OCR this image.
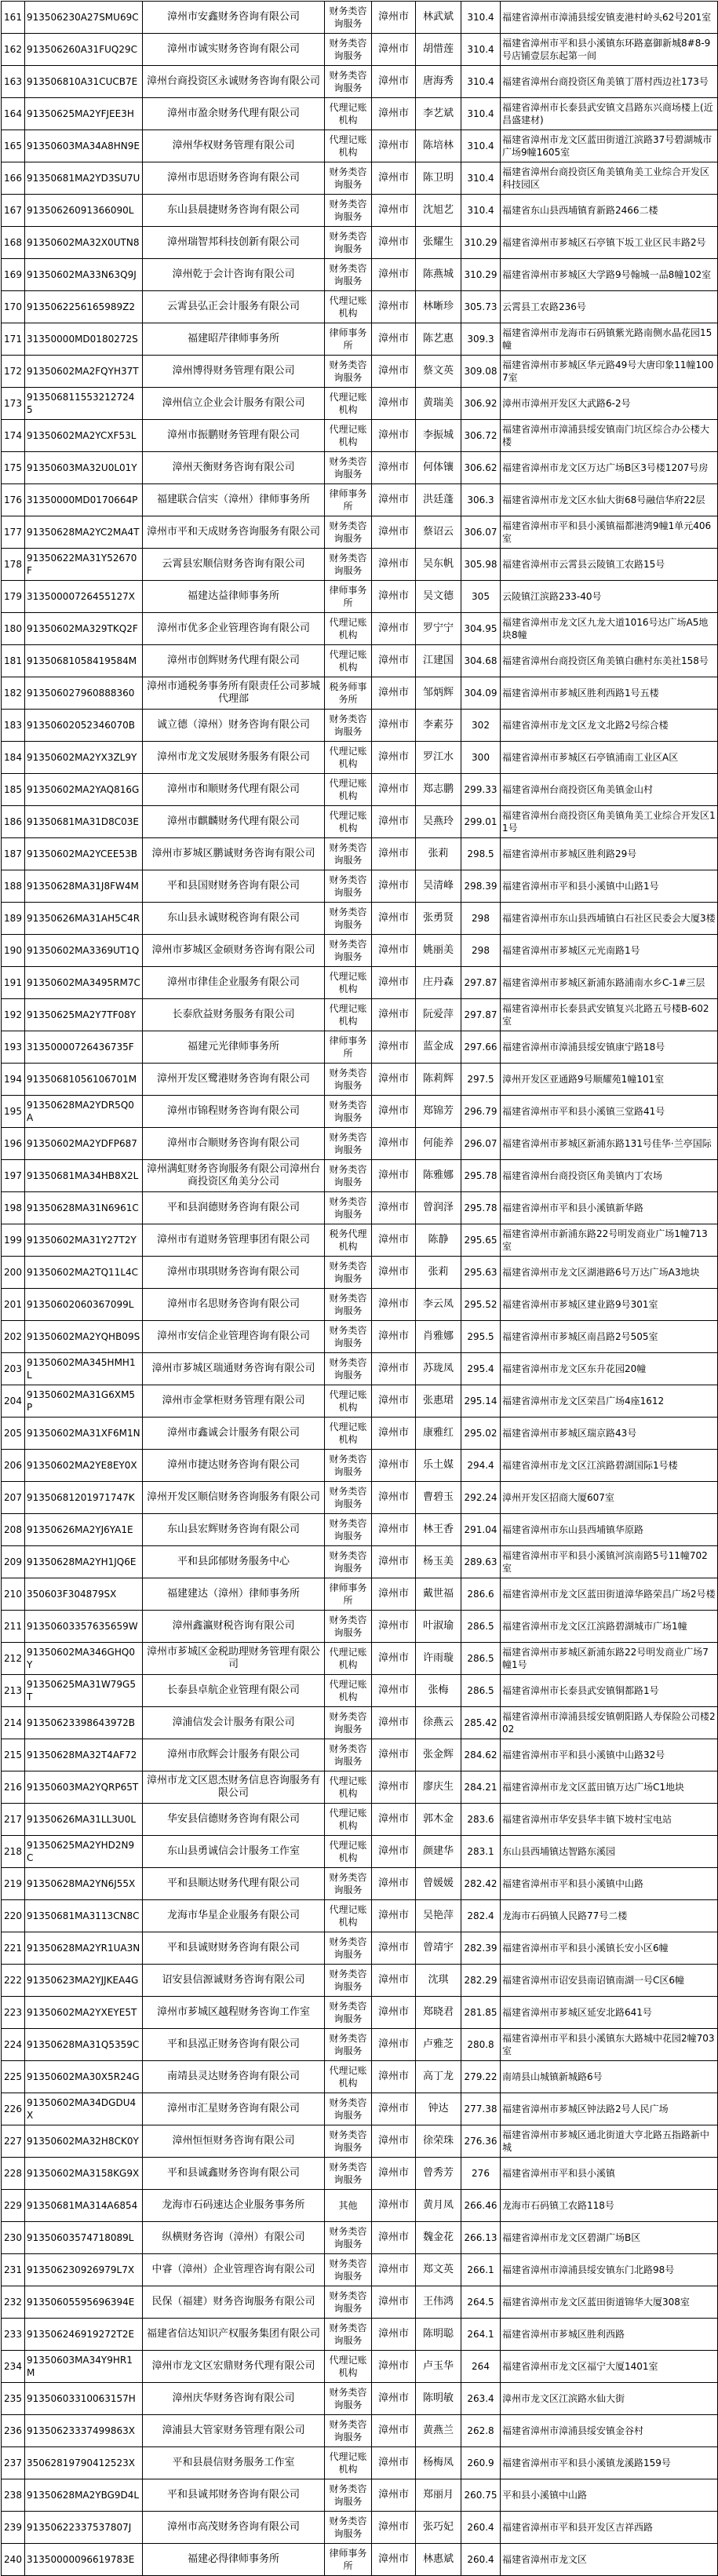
161	913506230A27SMU69C	漳州市安鑫财务咨询有限公司	财务类咨询服务	漳州市	林武斌	310.4	福建省漳州市漳浦县绥安镇麦港村岭头62号201室
162	913506260A31FUQ29C	漳州市诚实财务咨询有限公司	财务类咨询服务	漳州市	胡惜莲	310.4	福建省漳州市平和县小溪镇东环路嘉御新城8#8-9号店铺壹层东起第一间
163	913506810A31CUCB7E	漳州台商投资区永诚财务咨询有限公司	财务类咨询服务	漳州市	唐海秀	310.4	福建省漳州台商投资区角美镇丁厝村西边社173号
164	91350625MA2YFJEE3H	漳州市盈余财务代理有限公司	代理记账机构	漳州市	李艺斌	310.4	福建省漳州市长泰县武安镇文昌路东兴商场楼上(近昌盛建材)
165	91350603MA34A8HN9E	漳州华权财务管理有限公司	代理记账机构	漳州市	陈培林	310.4	福建省漳州市龙文区蓝田街道江滨路37号碧湖城市广场9幢1605室
166	91350681MA2YD3SU7U	漳州市思语财务咨询有限公司	财务类咨询服务	漳州市	陈卫明	310.4	福建省漳州台商投资区角美镇角美工业综合开发区科技园区
167	91350626091366090L	东山县晨捷财务咨询有限公司	财务类咨询服务	漳州市	沈旭艺	310.4	福建省东山县西埔镇育新路2466二楼
168	91350602MA32X0UTN8	漳州瑞智邦科技创新有限公司	财务类咨询服务	漳州市	张耀生	310.29	福建省漳州市芗城区石亭镇下坂工业区民丰路2号
169	91350602MA33N63Q9J	漳州乾于会计咨询有限公司	财务类咨询服务	漳州市	陈燕城	310.29	福建省漳州市芗城区大学路9号翰城一品8幢102室
170	9135062256165989Z2	云霄县弘正会计服务有限公司	代理记账机构	漳州市	林晰珍	305.73	云霄县工农路236号
171	31350000MD0180272S	福建昭芹律师事务所	律师事务所	漳州市	陈艺惠	309.3	福建省漳州市龙海市石码镇紫光路南侧水晶花园15幢
172	91350602MA2FQYH37T	漳州博得财务管理有限公司	财务类咨询服务	漳州市	蔡文英	309.08	福建省漳州市芗城区华元路49号大唐印象11幢1007室
173	9135068115532127245	漳州信立企业会计服务有限公司	代理记账机构	漳州市	黄瑞美	306.92	漳州市漳州开发区大武路6-2号
174	91350602MA2YCXF53L	漳州市振鹏财务管理有限公司	代理记账机构	漳州市	李振城	306.72	福建省漳州市漳浦县绥安镇南门坑区综合办公楼大楼
175	91350603MA32U0L01Y	漳州天衡财务咨询有限公司	财务类咨询服务	漳州市	何体镶	306.62	福建省漳州市龙文区万达广场B区3号楼1207号房
176	31350000MD0170664P	福建联合信实（漳州）律师事务所	律师事务所	漳州市	洪廷蓬	306.3	福建省漳州市龙文区水仙大街68号融信华府22层
177	91350628MA2YC2MA4T	漳州市平和天成财务咨询服务有限公司	财务类咨询服务	漳州市	蔡诏云	306.07	福建省漳州市平和县小溪镇福都港湾9幢1单元406室
178	91350622MA31Y52670F	云霄县宏顺信财务咨询有限公司	财务类咨询服务	漳州市	吴东帆	305.98	福建省漳州市云霄县云陵镇工农路15号
179	31350000726455127X	福建达益律师事务所	律师事务所	漳州市	吴文德	305	云陵镇江滨路233-40号
180	91350602MA329TKQ2F	漳州市优多企业管理咨询有限公司	代理记账机构	漳州市	罗宁宁	304.95	福建省漳州市龙文区九龙大道1016号达广场A5地块8幢
181	91350681058419584M	漳州市创辉财务代理有限公司	代理记账机构	漳州市	江建国	304.68	福建省漳州台商投资区角美镇白礁村东美社158号
182	913506027960888360	漳州市通税务事务所有限责任公司芗城代理部	税务师事务所	漳州市	邹炳辉	304.09	福建省漳州市芗城区胜利西路1号五楼
183	91350602052346070B	诚立德（漳州）财务咨询有限公司	财务类咨询服务	漳州市	李素芬	302	福建省漳州市龙文区龙文北路2号综合楼
184	91350602MA2YX3ZL9Y	漳州市龙文发展财务服务有限公司	代理记账机构	漳州市	罗江水	300	福建省漳州市芗城区石亭镇浦南工业区A区
185	91350602MA2YAQ816G	漳州市和顺财务代理有限公司	代理记账机构	漳州市	郑志鹏	299.33	福建省漳州台商投资区角美镇金山村
186	91350681MA31D8C03E	漳州市麒麟财务代理有限公司	代理记账机构	漳州市	吴燕玲	299.01	福建省漳州台商投资区角美镇角美工业综合开发区11号
187	91350602MA2YCEE53B	漳州市芗城区鹏诚财务咨询有限公司	财务类咨询服务	漳州市	张莉	298.5	福建省漳州市芗城区胜利路29号
188	91350628MA31J8FW4M	平和县国财财务咨询有限公司	财务类咨询服务	漳州市	吴清峰	298.39	福建省漳州市平和县小溪镇中山路1号
189	91350626MA31AH5C4R	东山县永诚财税咨询有限公司	财务类咨询服务	漳州市	张勇贤	298	福建省漳州市东山县西埔镇白石社区民委会大厦3楼
190	91350602MA3369UT1Q	漳州市芗城区金硕财务咨询有限公司	财务类咨询服务	漳州市	姚丽美	298	福建省漳州市芗城区元光南路1号
191	91350602MA3495RM7C	漳州市律佳企业服务有限公司	代理记账机构	漳州市	庄丹森	297.87	福建省漳州市芗城区新浦东路浦南水乡C-1#三层
192	91350625MA2Y7TF08Y	长泰欣益财务服务有限公司	代理记账机构	漳州市	阮爱萍	297.87	福建省漳州市长泰县武安镇复兴北路五号楼B-602室
193	31350000726436735F	福建元光律师事务所	律师事务所	漳州市	蓝金成	297.66	福建省漳州市漳浦县绥安镇康宁路18号
194	91350681056106701M	漳州开发区鹭港财务咨询有限公司	财务类咨询服务	漳州市	陈莉辉	297.5	漳州开发区亚通路9号顺耀苑1幢101室
195	91350628MA2YDR5Q0A	漳州市锦程财务咨询有限公司	财务类咨询服务	漳州市	郑锦芳	296.79	福建省漳州市平和县小溪镇三堂路41号
196	91350602MA2YDFP687	漳州市合顺财务咨询有限公司	财务类咨询服务	漳州市	何能养	296.07	福建省漳州市芗城区新浦东路131号佳华·兰亭国际
197	91350681MA34HB8X2L	漳州满虹财务咨询服务有限公司漳州台商投资区角美分公司	财务类咨询服务	漳州市	陈雅娜	295.78	福建省漳州台商投资区角美镇内丁农场
198	91350628MA31N6961C	平和县润德财务咨询有限公司	财务类咨询服务	漳州市	曾润泽	295.78	福建省漳州市平和县小溪镇新华路
199	91350602MA31Y27T2Y	漳州市有道财务管理事团有限公司	税务代理机构	漳州市	陈静	295.65	福建省漳州市新浦东路22号明发商业广场1幢713室
200	91350602MA2TQ11L4C	漳州市琪琪财务咨询有限公司	财务类咨询服务	漳州市	张莉	295.63	福建省漳州市龙文区湖港路6号万达广场A3地块
201	91350602060367099L	漳州市名思财务咨询有限公司	财务类咨询服务	漳州市	李云凤	295.52	福建省漳州市芗城区建业路9号301室
202	91350602MA2YQHB09S	漳州市安信企业管理咨询有限公司	财务类咨询服务	漳州市	肖雅娜	295.5	福建省漳州市芗城区南昌路2号505室
203	91350602MA345HMH1L	漳州市芗城区瑞通财务咨询有限公司	财务类咨询服务	漳州市	苏珑凤	295.4	福建省漳州市龙文区东升花园20幢
204	91350602MA31G6XM5P	漳州市金掌柜财务管理有限公司	代理记账机构	漳州市	张惠珺	295.14	福建省漳州市龙文区荣昌广场4座1612
205	91350602MA31XF6M1N	漳州市鑫诚会计服务有限公司	代理记账机构	漳州市	康雅红	295.02	福建省漳州市芗城区瑞京路43号
206	91350602MA2YE8EY0X	漳州市捷达财务咨询有限公司	财务类咨询服务	漳州市	乐土媒	294.4	福建省漳州市龙文区江滨路碧湖国际1号楼
207	91350681201971747K	漳州开发区顺信财务咨询服务有限公司	财务类咨询服务	漳州市	曹碧玉	292.24	漳州开发区招商大厦607室
208	91350626MA2YJ6YA1E	东山县宏辉财务咨询有限公司	财务类咨询服务	漳州市	林王香	291.04	福建省漳州市东山县西埔镇华原路
209	91350628MA2YH1JQ6E	平和县邱郁财务服务中心	财务类咨询服务	漳州市	杨玉美	289.63	福建省漳州市平和县小溪镇河滨南路5号11幢702室
210	350603F304879SX	福建建达（漳州）律师事务所	律师事务所	漳州市	戴世福	286.6	福建省漳州市龙文区蓝田街道漳华路荣昌广场2号楼
211	91350603357635659W	漳州鑫瀛财税咨询有限公司	财务类咨询服务	漳州市	叶淑瑜	286.5	福建省漳州市龙文区江滨路碧湖城市广场1幢
212	91350602MA346GHQ0Y	漳州市芗城区金税助理财务管理有限公司	代理记账机构	漳州市	许雨璇	286.5	福建省漳州市芗城区新浦东路22号明发商业广场7幢1号
213	91350625MA31W79G5T	长泰县卓航企业管理有限公司	代理记账机构	漳州市	张梅	286.5	福建省漳州市长泰县武安镇铜都路1号
214	91350623398643972B	漳浦信发会计服务有限公司	财务类咨询服务	漳州市	徐燕云	285.42	福建省漳州市漳浦县绥安镇朝阳路人寿保险公司楼202
215	91350628MA32T4AF72	漳州市欣辉会计服务有限公司	财务类咨询服务	漳州市	张金辉	284.62	福建省漳州市平和县小溪镇中山路32号
216	91350603MA2YQRP65T	漳州市龙文区恩杰财务信息咨询服务有限公司	代理记账机构	漳州市	廖庆生	284.21	福建省漳州市龙文区蓝田镇万达广场C1地块
217	91350626MA31LL3U0L	华安县信德财务咨询有限公司	代理记账机构	漳州市	郭木金	283.6	福建省漳州市华安县华丰镇下坡村宝电站
218	91350625MA2YHD2N9C	东山县勇诚信会计服务工作室	代理记账机构	漳州市	颜建华	283.1	东山县西埔镇达智路东溪园
219	91350628MA2YN6J55X	平和县顺达财务代理有限公司	财务类咨询服务	漳州市	曾媛媛	282.42	福建省漳州市平和县小溪镇中山路
220	91350681MA3113CN8C	龙海市华星企业服务有限公司	代理记账机构	漳州市	吴艳萍	282.4	龙海市石码镇人民路77号二楼
221	91350628MA2YR1UA3N	平和县诚财财务咨询有限公司	财务类咨询服务	漳州市	曾靖宇	282.39	福建省漳州市平和县小溪镇长安小区6幢
222	91350623MA2YJJKEA4G	诏安县信源诚财务咨询有限公司	财务类咨询服务	漳州市	沈琪	282.29	福建省漳州市诏安县南诏镇南湖一号C区6幢
223	91350602MA2YXEYE5T	漳州市芗城区越程财务咨询工作室	财务类咨询服务	漳州市	郑晓君	281.85	福建省漳州市芗城区延安北路641号
224	91350628MA31Q5359C	平和县泓正财务咨询有限公司	财务类咨询服务	漳州市	卢雅芝	280.8	福建省漳州市平和县小溪镇东大路城中花园2幢703室
225	91350602MA30X5R24G	南靖县灵达财务咨询有限公司	代理记账机构	漳州市	高丁龙	279.22	南靖县山城镇新城路6号
226	91350602MA34DGDU4X	漳州市汇星财务咨询有限公司	财务类咨询服务	漳州市	钟达	277.38	福建省漳州市芗城区钟法路2号人民广场
227	91350602MA32H8CK0Y	漳州恒恒财务咨询有限公司	财务类咨询服务	漳州市	徐荣珠	276.36	福建省漳州市芗城区通北街道大亨北路五指路新中城
228	91350602MA3158KG9X	平和县诚鑫财务咨询有限公司	财务类咨询服务	漳州市	曾秀芳	276	福建省漳州市平和县小溪镇
229	91350681MA314A6854	龙海市石码速达企业服务事务所	其他	漳州市	黄月凤	266.46	龙海市石码镇工农路118号
230	91350603574718089L	纵横财务咨询（漳州）有限公司	财务类咨询服务	漳州市	魏金花	266.13	福建省漳州市龙文区碧湖广场B区
231	913506230926979L7X	中睿（漳州）企业管理咨询有限公司	财务类咨询服务	漳州市	郑文英	266.1	福建省漳州市漳浦县绥安镇东门北路98号
232	91350605595696394E	民保（福建）财务咨询服务有限公司	财务类咨询服务	漳州市	王伟鸿	264.5	福建省漳州市龙文区蓝田街道锦华大厦308室
233	913506246919272T2E	福建省信达知识产权服务集团有限公司	财务类咨询服务	漳州市	陈明聪	264.1	福建省漳州市芗城区胜利西路
234	91350603MA34Y9HR1M	漳州市龙文区宏鼎财务代理有限公司	代理记账机构	漳州市	卢玉华	264	福建省漳州市龙文区福宁大厦1401室
235	91350603310063157H	漳州庆华财务咨询有限公司	财务类咨询服务	漳州市	陈明敏	263.4	漳州市龙文区江滨路水仙大街
236	91350623337499863X	漳浦县大管家财务管理有限公司	财务类咨询服务	漳州市	黄燕兰	262.8	福建省漳州市漳浦县绥安镇金谷村
237	35062819790412523X	平和县晨信财务服务工作室	代理记账机构	漳州市	杨梅凤	260.9	福建省漳州市平和县小溪镇龙溪路159号
238	91350628MA2YBG9D4L	平和县诚邦财务咨询有限公司	财务类咨询服务	漳州市	郑丽月	260.75	平和县小溪镇中山路
239	91350622337537807J	漳州市高茂财务咨询有限公司	财务类咨询服务	漳州市	张巧妃	260.4	福建省漳州市平和县开发区吉祥西路
240	31350000096619783E	福建必得律师事务所	律师事务所	漳州市	林惠斌	260.4	福建省漳州市龙文区
